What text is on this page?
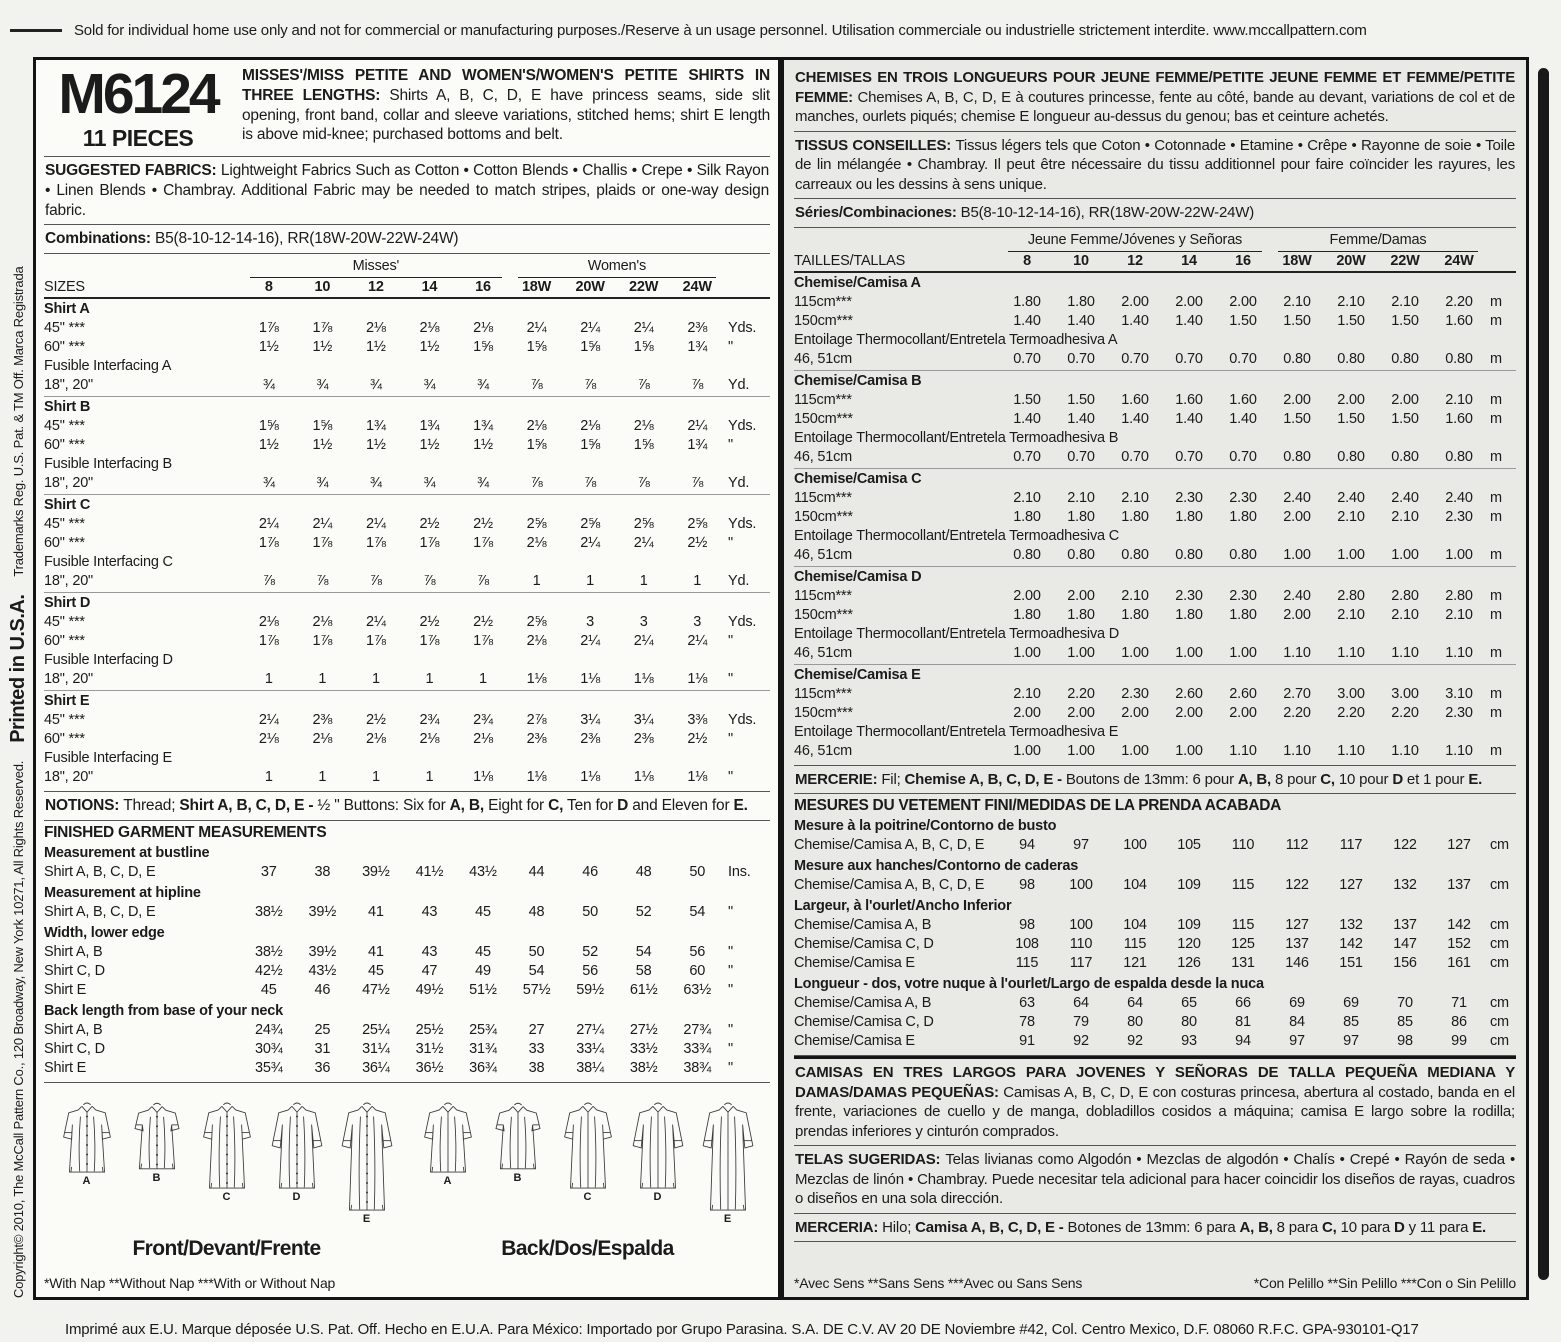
Sold for individual home use only and not for commercial or manufacturing purposes./Reserve à un usage personnel. Utilisation commerciale ou industrielle strictement interdite. www.mccallpattern.com
Copyright© 2010, The McCall Pattern Co., 120 Broadway, New York 10271, All Rights Reserved.
Printed in U.S.A.
Trademarks Reg. U.S. Pat. & TM Off. Marca Registrada
M6124
11 PIECES

MISSES'/MISS PETITE AND WOMEN'S/WOMEN'S PETITE SHIRTS IN THREE LENGTHS: Shirts A, B, C, D, E have princess seams, side slit opening, front band, collar and sleeve variations, stitched hems; shirt E length is above mid-knee; purchased bottoms and belt.

SUGGESTED FABRICS: Lightweight Fabrics Such as Cotton • Cotton Blends • Challis • Crepe • Silk Rayon • Linen Blends • Chambray. Additional Fabric may be needed to match stripes, plaids or one-way design fabric.

Combinations: B5(8-10-12-14-16), RR(18W-20W-22W-24W)

Misses'	Women's
SIZES	8	10	12	14	16	18W	20W	22W	24W
Shirt A
45" ***	1⅞	1⅞	2⅛	2⅛	2⅛	2¼	2¼	2¼	2⅜	Yds.
60" ***	1½	1½	1½	1½	1⅝	1⅝	1⅝	1⅝	1¾	"
Fusible Interfacing A
18", 20"	¾	¾	¾	¾	¾	⅞	⅞	⅞	⅞	Yd.
Shirt B
45" ***	1⅝	1⅝	1¾	1¾	1¾	2⅛	2⅛	2⅛	2¼	Yds.
60" ***	1½	1½	1½	1½	1½	1⅝	1⅝	1⅝	1¾	"
Fusible Interfacing B
18", 20"	¾	¾	¾	¾	¾	⅞	⅞	⅞	⅞	Yd.
Shirt C
45" ***	2¼	2¼	2¼	2½	2½	2⅝	2⅝	2⅝	2⅝	Yds.
60" ***	1⅞	1⅞	1⅞	1⅞	1⅞	2⅛	2¼	2¼	2½	"
Fusible Interfacing C
18", 20"	⅞	⅞	⅞	⅞	⅞	1	1	1	1	Yd.
Shirt D
45" ***	2⅛	2⅛	2¼	2½	2½	2⅝	3	3	3	Yds.
60" ***	1⅞	1⅞	1⅞	1⅞	1⅞	2⅛	2¼	2¼	2¼	"
Fusible Interfacing D
18", 20"	1	1	1	1	1	1⅛	1⅛	1⅛	1⅛	"
Shirt E
45" ***	2¼	2⅜	2½	2¾	2¾	2⅞	3¼	3¼	3⅜	Yds.
60" ***	2⅛	2⅛	2⅛	2⅛	2⅛	2⅜	2⅜	2⅜	2½	"
Fusible Interfacing E
18", 20"	1	1	1	1	1⅛	1⅛	1⅛	1⅛	1⅛	"

NOTIONS: Thread; Shirt A, B, C, D, E - ½ " Buttons: Six for A, B, Eight for C, Ten for D and Eleven for E.

FINISHED GARMENT MEASUREMENTS
Measurement at bustline
Shirt A, B, C, D, E	37	38	39½	41½	43½	44	46	48	50	Ins.
Measurement at hipline
Shirt A, B, C, D, E	38½	39½	41	43	45	48	50	52	54	"
Width, lower edge
Shirt A, B	38½	39½	41	43	45	50	52	54	56	"
Shirt C, D	42½	43½	45	47	49	54	56	58	60	"
Shirt E	45	46	47½	49½	51½	57½	59½	61½	63½	"
Back length from base of your neck
Shirt A, B	24¾	25	25¼	25½	25¾	27	27¼	27½	27¾	"
Shirt C, D	30¾	31	31¼	31½	31¾	33	33¼	33½	33¾	"
Shirt E	35¾	36	36¼	36½	36¾	38	38¼	38½	38¾	"
A	B
C	D
E
Front/Devant/Frente
A	B
C	D
E
Back/Dos/Espalda
*With Nap **Without Nap ***With or Without Nap

CHEMISES EN TROIS LONGUEURS POUR JEUNE FEMME/PETITE JEUNE FEMME ET FEMME/PETITE FEMME: Chemises A, B, C, D, E à coutures princesse, fente au côté, bande au devant, variations de col et de manches, ourlets piqués; chemise E longueur au-dessus du genou; bas et ceinture achetés.

TISSUS CONSEILLES: Tissus légers tels que Coton • Cotonnade • Etamine • Crêpe • Rayonne de soie • Toile de lin mélangée • Chambray. Il peut être nécessaire du tissu additionnel pour faire coïncider les rayures, les carreaux ou les dessins à sens unique.

Séries/Combinaciones: B5(8-10-12-14-16), RR(18W-20W-22W-24W)

Jeune Femme/Jóvenes y Señoras	Femme/Damas
TAILLES/TALLAS	8	10	12	14	16	18W	20W	22W	24W
Chemise/Camisa A
115cm***	1.80	1.80	2.00	2.00	2.00	2.10	2.10	2.10	2.20	m
150cm***	1.40	1.40	1.40	1.40	1.50	1.50	1.50	1.50	1.60	m
Entoilage Thermocollant/Entretela Termoadhesiva A
46, 51cm	0.70	0.70	0.70	0.70	0.70	0.80	0.80	0.80	0.80	m
Chemise/Camisa B
115cm***	1.50	1.50	1.60	1.60	1.60	2.00	2.00	2.00	2.10	m
150cm***	1.40	1.40	1.40	1.40	1.40	1.50	1.50	1.50	1.60	m
Entoilage Thermocollant/Entretela Termoadhesiva B
46, 51cm	0.70	0.70	0.70	0.70	0.70	0.80	0.80	0.80	0.80	m
Chemise/Camisa C
115cm***	2.10	2.10	2.10	2.30	2.30	2.40	2.40	2.40	2.40	m
150cm***	1.80	1.80	1.80	1.80	1.80	2.00	2.10	2.10	2.30	m
Entoilage Thermocollant/Entretela Termoadhesiva C
46, 51cm	0.80	0.80	0.80	0.80	0.80	1.00	1.00	1.00	1.00	m
Chemise/Camisa D
115cm***	2.00	2.00	2.10	2.30	2.30	2.40	2.80	2.80	2.80	m
150cm***	1.80	1.80	1.80	1.80	1.80	2.00	2.10	2.10	2.10	m
Entoilage Thermocollant/Entretela Termoadhesiva D
46, 51cm	1.00	1.00	1.00	1.00	1.00	1.10	1.10	1.10	1.10	m
Chemise/Camisa E
115cm***	2.10	2.20	2.30	2.60	2.60	2.70	3.00	3.00	3.10	m
150cm***	2.00	2.00	2.00	2.00	2.00	2.20	2.20	2.20	2.30	m
Entoilage Thermocollant/Entretela Termoadhesiva E
46, 51cm	1.00	1.00	1.00	1.00	1.10	1.10	1.10	1.10	1.10	m

MERCERIE: Fil; Chemise A, B, C, D, E - Boutons de 13mm: 6 pour A, B, 8 pour C, 10 pour D et 1 pour E.

MESURES DU VETEMENT FINI/MEDIDAS DE LA PRENDA ACABADA
Mesure à la poitrine/Contorno de busto
Chemise/Camisa A, B, C, D, E	94	97	100	105	110	112	117	122	127	cm
Mesure aux hanches/Contorno de caderas
Chemise/Camisa A, B, C, D, E	98	100	104	109	115	122	127	132	137	cm
Largeur, à l'ourlet/Ancho Inferior
Chemise/Camisa A, B	98	100	104	109	115	127	132	137	142	cm
Chemise/Camisa C, D	108	110	115	120	125	137	142	147	152	cm
Chemise/Camisa E	115	117	121	126	131	146	151	156	161	cm
Longueur - dos, votre nuque à l'ourlet/Largo de espalda desde la nuca
Chemise/Camisa A, B	63	64	64	65	66	69	69	70	71	cm
Chemise/Camisa C, D	78	79	80	80	81	84	85	85	86	cm
Chemise/Camisa E	91	92	92	93	94	97	97	98	99	cm

CAMISAS EN TRES LARGOS PARA JOVENES Y SEÑORAS DE TALLA PEQUEÑA MEDIANA Y DAMAS/DAMAS PEQUEÑAS: Camisas A, B, C, D, E con costuras princesa, abertura al costado, banda en el frente, variaciones de cuello y de manga, dobladillos cosidos a máquina; camisa E largo sobre la rodilla; prendas inferiores y cinturón comprados.

TELAS SUGERIDAS: Telas livianas como Algodón • Mezclas de algodón • Chalís • Crepé • Rayón de seda • Mezclas de linón • Chambray. Puede necesitar tela adicional para hacer coincidir los diseños de rayas, cuadros o diseños en una sola dirección.

MERCERIA: Hilo; Camisa A, B, C, D, E - Botones de 13mm: 6 para A, B, 8 para C, 10 para D y 11 para E.

*Avec Sens **Sans Sens ***Avec ou Sans Sens	*Con Pelillo **Sin Pelillo ***Con o Sin Pelillo
Imprimé aux E.U. Marque déposée U.S. Pat. Off. Hecho en E.U.A. Para México: Importado por Grupo Parasina. S.A. DE C.V. AV 20 DE Noviembre #42, Col. Centro Mexico, D.F. 08060 R.F.C. GPA-930101-Q17
